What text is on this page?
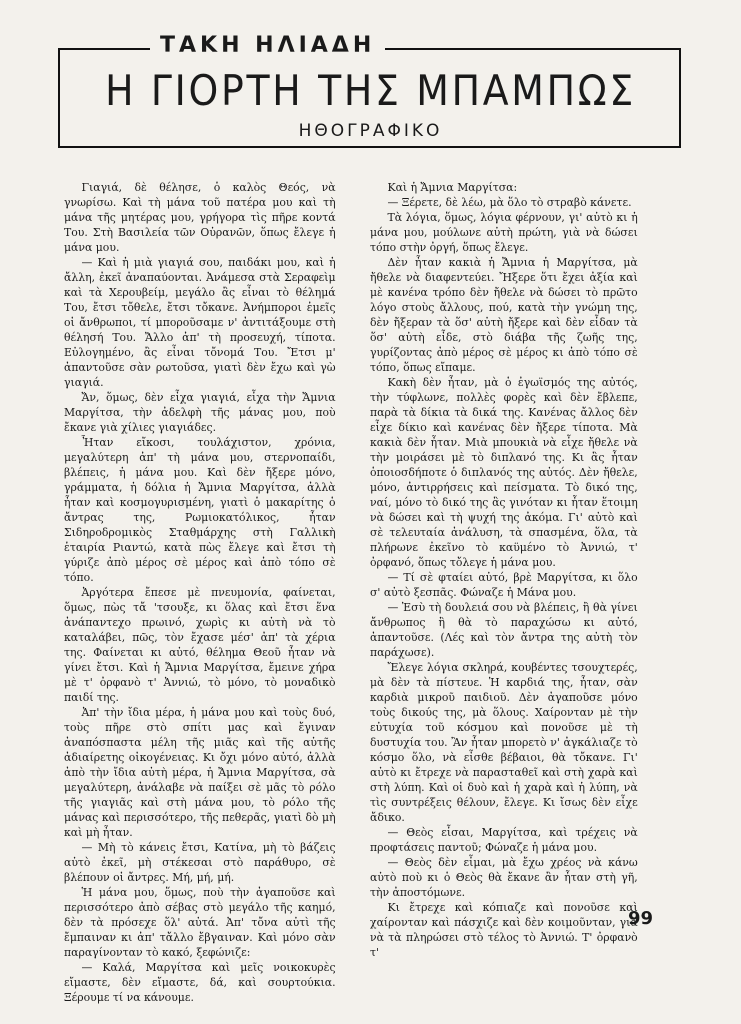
ΤΑΚΗ ΗΛΙΑΔΗ
Η ΓΙΟΡΤΗ ΤΗΣ ΜΠΑΜΠΩΣ
ΗΘΟΓΡΑΦΙΚΟ

Γιαγιά, δὲ θέλησε, ὁ καλὸς Θεός, νὰ γνωρίσω. Καὶ τὴ μάνα τοῦ πατέρα μου καὶ τὴ μάνα τῆς μητέρας μου, γρήγορα τὶς πῆρε κοντά Του. Στὴ Βασιλεία τῶν Οὐρανῶν, ὅπως ἔλεγε ἡ μάνα μου.

— Καὶ ἡ μιὰ γιαγιά σου, παιδάκι μου, καὶ ἡ ἄλλη, ἐκεῖ ἀναπαύονται. Ἀνάμεσα στὰ Σεραφεὶμ καὶ τὰ Χερουβείμ, μεγάλο ἂς εἶναι τὸ θέλημά Του, ἔτσι τὄθελε, ἔτσι τὄκανε. Ἀνήμποροι ἐμεῖς οἱ ἄνθρωποι, τί μποροῦσαμε ν' ἀντιτάξουμε στὴ θέλησή Του. Ἄλλο ἀπ' τὴ προσευχή, τίποτα. Εὐλογημένο, ἂς εἶναι τὄνομά Του. Ἔτσι μ' ἀπαντοῦσε σὰν ρωτοῦσα, γιατὶ δὲν ἔχω καὶ γὼ γιαγιά.

Ἄν, ὅμως, δὲν εἶχα γιαγιά, εἶχα τὴν Ἄμνια Μαργίτσα, τὴν ἀδελφὴ τῆς μάνας μου, ποὺ ἔκανε γιὰ χίλιες γιαγιάδες.

Ἦταν εἴκοσι, τουλάχιστον, χρόνια, μεγαλύτερη ἀπ' τὴ μάνα μου, στερνοπαίδι, βλέπεις, ἡ μάνα μου. Καὶ δὲν ἤξερε μόνο, γράμματα, ἡ δόλια ἡ Ἄμνια Μαργίτσα, ἀλλὰ ἦταν καὶ κοσμογυρισμένη, γιατὶ ὁ μακαρίτης ὁ ἄντρας της, Ρωμιοκατόλικος, ἦταν Σιδηροδρομικὸς Σταθμάρχης στὴ Γαλλικὴ ἑταιρία Ριαντώ, κατὰ πὼς ἔλεγε καὶ ἔτσι τὴ γύριζε ἀπὸ μέρος σὲ μέρος καὶ ἀπὸ τόπο σὲ τόπο.

Ἀργότερα ἔπεσε μὲ πνευμονία, φαίνεται, ὅμως, πὼς τἄ 'τσουξε, κι ὅλας καὶ ἔτσι ἕνα ἀνάπαντεχο πρωινό, χωρὶς κι αὐτὴ νὰ τὸ καταλάβει, πῶς, τὸν ἔχασε μέσ' ἀπ' τὰ χέρια της. Φαίνεται κι αὐτό, θέλημα Θεοῦ ἦταν νὰ γίνει ἔτσι. Καὶ ἡ Ἄμνια Μαργίτσα, ἔμεινε χήρα μὲ τ' ὀρφανὸ τ' Ἀννιώ, τὸ μόνο, τὸ μοναδικὸ παιδί της.

Ἀπ' τὴν ἴδια μέρα, ἡ μάνα μου καὶ τοὺς δυό, τοὺς πῆρε στὸ σπίτι μας καὶ ἔγιναν ἀναπόσπαστα μέλη τῆς μιᾶς καὶ τῆς αὐτῆς ἀδιαίρετης οἰκογένειας. Κι ὄχι μόνο αὐτό, ἀλλὰ ἀπὸ τὴν ἴδια αὐτὴ μέρα, ἡ Ἄμνια Μαργίτσα, σὰ μεγαλύτερη, ἀνάλαβε νὰ παίξει σὲ μᾶς τὸ ρόλο τῆς γιαγιᾶς καὶ στὴ μάνα μου, τὸ ρόλο τῆς μάνας καὶ περισσότερο, τῆς πεθερᾶς, γιατὶ δὸ μὴ καὶ μὴ ἦταν.

— Μὴ τὸ κάνεις ἔτσι, Κατίνα, μὴ τὸ βάζεις αὐτὸ ἐκεῖ, μὴ στέκεσαι στὸ παράθυρο, σὲ βλέπουν οἱ ἄντρες. Μή, μή, μή.

Ἡ μάνα μου, ὅμως, ποὺ τὴν ἀγαποῦσε καὶ περισσότερο ἀπὸ σέβας στὸ μεγάλο τῆς καημό, δὲν τὰ πρόσεχε ὅλ' αὐτά. Ἀπ' τὄνα αὐτὶ τῆς ἔμπαιναν κι ἀπ' τἄλλο ἔβγαιναν. Καὶ μόνο σὰν παραγίνονταν τὸ κακό, ξεφώνιζε:

— Καλά, Μαργίτσα καὶ μεῖς νοικοκυρὲς εἴμαστε, δὲν εἴμαστε, δά, καὶ σουρτούκια. Ξέρουμε τί να κάνουμε.

Καὶ ἡ Ἄμνια Μαργίτσα:

— Ξέρετε, δὲ λέω, μὰ ὅλο τὸ στραβὸ κάνετε.

Τὰ λόγια, ὅμως, λόγια φέρνουν, γι' αὐτὸ κι ἡ μάνα μου, μούλωνε αὐτὴ πρώτη, γιὰ νὰ δώσει τόπο στὴν ὀργή, ὅπως ἔλεγε.

Δὲν ἦταν κακιὰ ἡ Ἄμνια ἡ Μαργίτσα, μὰ ἤθελε νὰ διαφεντεύει. Ἤξερε ὅτι ἔχει ἀξία καὶ μὲ κανένα τρόπο δὲν ἤθελε νὰ δώσει τὸ πρῶτο λόγο στοὺς ἄλλους, πού, κατὰ τὴν γνώμη της, δὲν ἤξεραν τὰ ὅσ' αὐτὴ ἤξερε καὶ δὲν εἶδαν τὰ ὅσ' αὐτὴ εἶδε, στὸ διάβα τῆς ζωῆς της, γυρίζοντας ἀπὸ μέρος σὲ μέρος κι ἀπὸ τόπο σὲ τόπο, ὅπως εἴπαμε.

Κακὴ δὲν ἦταν, μὰ ὁ ἐγωϊσμός της αὐτός, τὴν τύφλωνε, πολλὲς φορὲς καὶ δὲν ἔβλεπε, παρὰ τὰ δίκια τὰ δικά της. Κανένας ἄλλος δὲν εἶχε δίκιο καὶ κανένας δὲν ἤξερε τίποτα. Μὰ κακιὰ δὲν ἦταν. Μιὰ μπουκιὰ νὰ εἶχε ἤθελε νὰ τὴν μοιράσει μὲ τὸ διπλανό της. Κι ἂς ἦταν ὁποιοσδήποτε ὁ διπλανός της αὐτός. Δὲν ἤθελε, μόνο, ἀντιρρήσεις καὶ πείσματα. Τὸ δικό της, ναί, μόνο τὸ δικό της ἂς γινόταν κι ἦταν ἕτοιμη νὰ δώσει καὶ τὴ ψυχή της ἀκόμα. Γι' αὐτὸ καὶ σὲ τελευταία ἀνάλυση, τὰ σπασμένα, ὅλα, τὰ πλήρωνε ἐκεῖνο τὸ καϋμένο τὸ Ἀννιώ, τ' ὀρφανό, ὅπως τὄλεγε ἡ μάνα μου.

— Τί σὲ φταίει αὐτό, βρὲ Μαργίτσα, κι ὅλο σ' αὐτὸ ξεσπᾶς. Φώναζε ἡ Μάνα μου.

— Ἐσὺ τὴ δουλειά σου νὰ βλέπεις, ἢ θὰ γίνει ἄνθρωπος ἢ θὰ τὸ παραχώσω κι αὐτό, ἀπαντοῦσε. (Λές καὶ τὸν ἄντρα της αὐτὴ τὸν παράχωσε).

Ἔλεγε λόγια σκληρά, κουβέντες τσουχτερές, μὰ δὲν τὰ πίστευε. Ἡ καρδιά της, ἦταν, σὰν καρδιὰ μικροῦ παιδιοῦ. Δὲν ἀγαποῦσε μόνο τοὺς δικούς της, μὰ ὅλους. Χαίρονταν μὲ τὴν εὐτυχία τοῦ κόσμου καὶ πονοῦσε μὲ τὴ δυστυχία του. Ἂν ἦταν μπορετὸ ν' ἀγκάλιαζε τὸ κόσμο ὅλο, νὰ εἶσθε βέβαιοι, θὰ τὄκανε. Γι' αὐτὸ κι ἔτρεχε νὰ παρασταθεῖ καὶ στὴ χαρὰ καὶ στὴ λύπη. Καὶ οἱ δυὸ καὶ ἡ χαρὰ καὶ ἡ λύπη, νὰ τὶς συντρέξεις θέλουν, ἔλεγε. Κι ἴσως δὲν εἶχε ἄδικο.

— Θεὸς εἶσαι, Μαργίτσα, καὶ τρέχεις νὰ προφτάσεις παντοῦ; Φώναζε ἡ μάνα μου.

— Θεὸς δὲν εἶμαι, μὰ ἔχω χρέος νὰ κάνω αὐτὸ ποὺ κι ὁ Θεὸς θὰ ἔκανε ἂν ἦταν στὴ γῆ, τὴν ἀποστόμωνε.

Κι ἔτρεχε καὶ κόπιαζε καὶ πονοῦσε καὶ χαίρονταν καὶ πάσχιζε καὶ δὲν κοιμοῦνταν, γιὰ νὰ τὰ πληρώσει στὸ τέλος τὸ Ἀννιώ. Τ' ὀρφανὸ τ'

99
